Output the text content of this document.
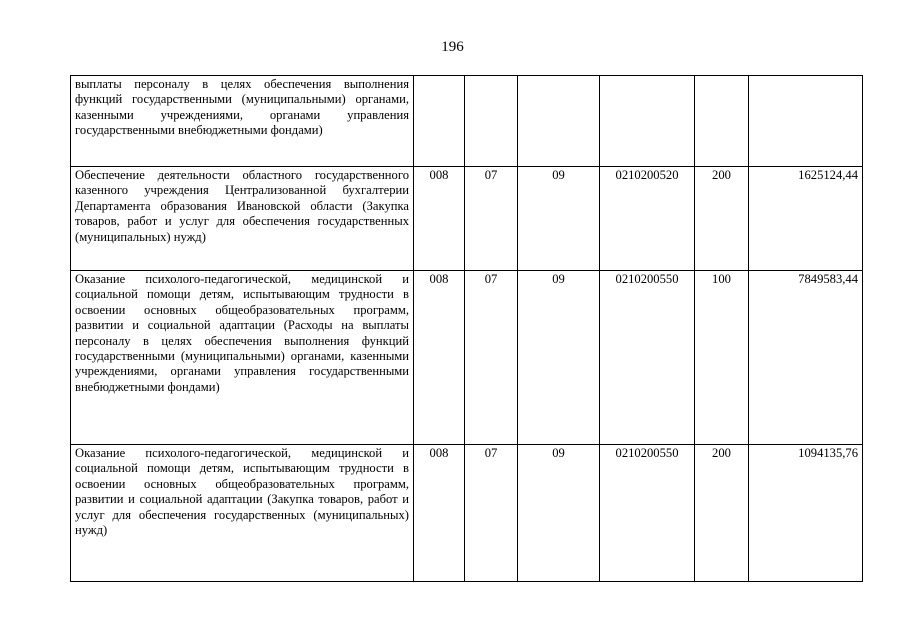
196
выплаты персоналу в целях обеспечения выполнения функций государственными (муниципальными) органами, казенными учреждениями, органами управления государственными внебюджетными фондами)						
Обеспечение деятельности областного государственного казенного учреждения Централизованной бухгалтерии Департамента образования Ивановской области (Закупка товаров, работ и услуг для обеспечения государственных (муниципальных) нужд)	008	07	09	0210200520	200	1625124,44
Оказание психолого-педагогической, медицинской и социальной помощи детям, испытывающим трудности в освоении основных общеобразовательных программ, развитии и социальной адаптации (Расходы на выплаты персоналу в целях обеспечения выполнения функций государственными (муниципальными) органами, казенными учреждениями, органами управления государственными внебюджетными фондами)	008	07	09	0210200550	100	7849583,44
Оказание психолого-педагогической, медицинской и социальной помощи детям, испытывающим трудности в освоении основных общеобразовательных программ, развитии и социальной адаптации (Закупка товаров, работ и услуг для обеспечения государственных (муниципальных) нужд)	008	07	09	0210200550	200	1094135,76
